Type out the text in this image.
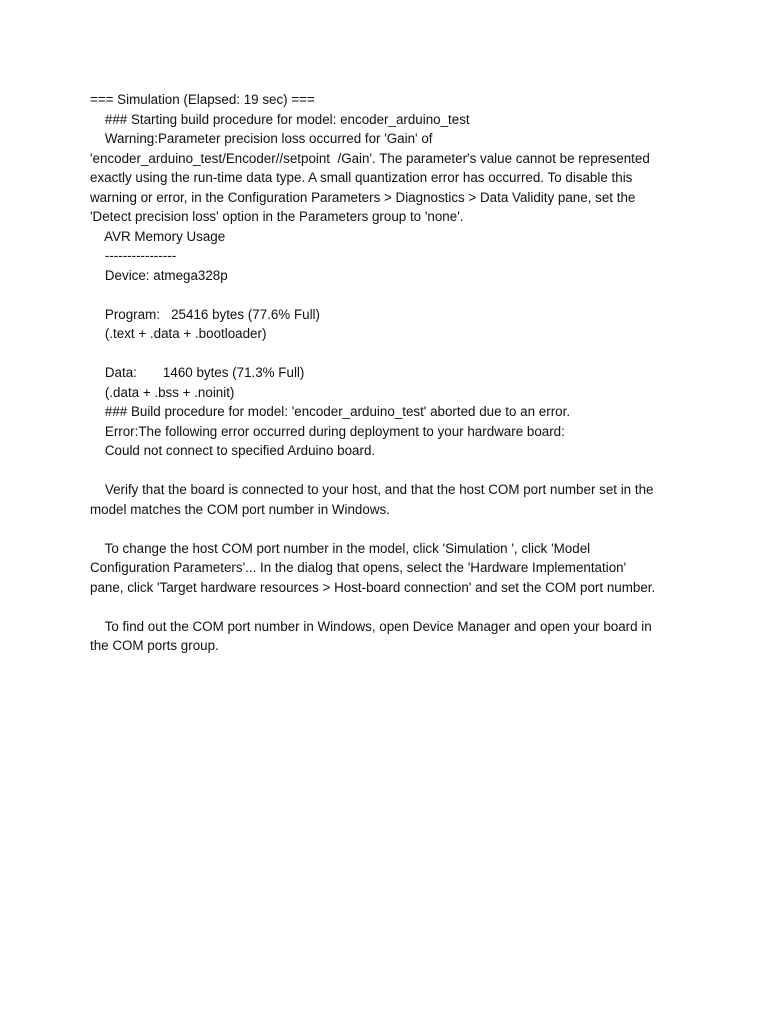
=== Simulation (Elapsed: 19 sec) ===
### Starting build procedure for model: encoder_arduino_test
Warning:Parameter precision loss occurred for 'Gain' of
'encoder_arduino_test/Encoder//setpoint  /Gain'. The parameter's value cannot be represented
exactly using the run-time data type. A small quantization error has occurred. To disable this
warning or error, in the Configuration Parameters > Diagnostics > Data Validity pane, set the
'Detect precision loss' option in the Parameters group to 'none'.
AVR Memory Usage
----------------
Device: atmega328p
Program:   25416 bytes (77.6% Full)
(.text + .data + .bootloader)
Data:       1460 bytes (71.3% Full)
(.data + .bss + .noinit)
### Build procedure for model: 'encoder_arduino_test' aborted due to an error.
Error:The following error occurred during deployment to your hardware board:
Could not connect to specified Arduino board.
Verify that the board is connected to your host, and that the host COM port number set in the
model matches the COM port number in Windows.
To change the host COM port number in the model, click 'Simulation ', click 'Model
Configuration Parameters'... In the dialog that opens, select the 'Hardware Implementation'
pane, click 'Target hardware resources > Host-board connection' and set the COM port number.
To find out the COM port number in Windows, open Device Manager and open your board in
the COM ports group.
